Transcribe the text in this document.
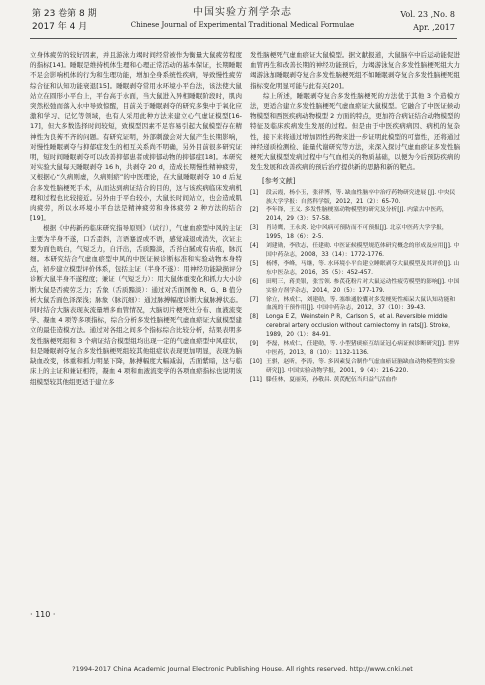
第 23 卷第 8 期
2017 年 4 月
中国实验方剂学杂志
Chinese Journal of Experimental Traditional Medical Formulae
Vol. 23 ,No. 8
Apr. ,2017

立身体疲劳的较好因素，并且游泳力竭时间经常被作为衡量大鼠疲劳程度的指标[14]。睡眠是维持机体生理和心理正常活动的基本保证，长期睡眠不足会影响机体的行为和生理功能，增加全身系统性疾病，导致慢性疲劳综合征和认知功能衰退[15]。睡眠剥夺常用水环境小平台法，该法使大鼠站立在圆形小平台上，平台高于水面，当大鼠进入异相睡眠阶段时，肌肉突然松弛而落入水中导致惊醒，目前关于睡眠剥夺的研究多集中于氧化应激和学习、记忆等领域，也有人采用此种方法来建立心气虚证模型[16-17]，但大多数选择时间较短，致模型因素不足容易引起大鼠模型存在精神性为良莠不齐的问题。有研究证明，外部刺激会对大鼠产生长期影响，对慢性睡眠剥夺与抑郁症发生的相互关系尚不明确，另外目前很多研究证明，短时间睡眠剥夺可以改善抑郁患者或抑郁动物的抑郁症[18]。本研究对实验大鼠每天睡眠剥夺 16 h，共剥夺 20 d，造成长期慢性精神疲劳，又根据心“久病则虚，久病则瘀”的中医理论，在大鼠睡眠剥夺 10 d 后复合多发性脑梗死手术，从而达到病证结合的目的，这与该疾病临床发病机理和过程也比较接近。另外由于平台较小，大鼠长时间站立，也会造成肌肉疲劳，所以水环境小平台法是精神疲劳和身体疲劳 2 种方法的结合[19]。

根据《中药新药临床研究指导原则》（试行），气虚血瘀型中风的主证主要为半身不遂，口舌歪斜，言语蹇涩或不语，感觉减退或消失，次证主要为面色晄白，气短乏力，自汗出，舌质黯淡，舌苔白腻或有齿痕，脉沉细。本研究结合气虚血瘀型中风的中医证候诊断标准和实验动物本身特点，初步建立模型评价体系，包括主证（半身不遂）：用神经功能缺损评分诊断大鼠半身不遂程度；兼证（气短乏力）：用大鼠体重变化和抓力大小诊断大鼠是否疲劳乏力；舌象（舌质黯淡）：通过对舌面图像 R、G、B 值分析大鼠舌面色泽深浅；脉象（脉沉细）：通过脉搏幅度诊断大鼠脉搏状态。同时结合大脑表现灰流量增多血管情况，大脑切片梗死灶分布、血液流变学、凝血 4 项等多项指标，综合分析多发性脑梗死气虚血瘀证大鼠模型建立的最佳造模方法。通过对各组之间多个指标综合比较分析，结果表明多发性脑梗死组和 3 个病证结合模型组均出现一定的气虚血瘀型中风症状，但是睡眠剥夺复合多发性脑梗死组较其他组症状表现更加明显，表现为脑缺血改变，体重和抓力明显下降，脉搏幅度大幅减弱，舌面紫暗，这与临床上的主证和兼证相符，凝血 4 项和血液流变学的各项血瘀指标也说明该组模型较其他组更适于建立多

发性脑梗死气虚血瘀证大鼠模型。据文献报道，大鼠脑卒中后运动能促进血管再生和改善长期的神经功能预后，力竭游泳复合多发性脑梗死组大力竭游泳加睡眠剥夺复合多发性脑梗死组不如睡眠剥夺复合多发性脑梗死组指标变化明显可能与此有关[20]。

综上所述，睡眠剥夺复合多发性脑梗死的方法优于其他 3 个造模方法，更适合建立多发性脑梗死气虚血瘀证大鼠模型。它融合了中医证候动物模型和西医疾病动物模型 2 方面的特点，更加符合病证结合动物模型的特征及临床疾病发生发展的过程。但是由于中医疾病病因、病机的复杂性，接下来将通过增加固性药物来进一步证明此模型的可靠性，还将通过神经递质检测检、能量代谢研究等方法，来深入探讨气虚血瘀证多发性脑梗死大鼠模型发病过程中与气血相关的物质基础，以便为今后预防疾病的发生发展和改善疾病的预后治疗提供新的思路和新的靶点。

[参考文献]
[1]	段云霞，杨小玉，张祥博，等. 缺血性脑卒中治疗药物研究进展 [J]. 中央民族大学学报：自然科学版，2012，21（2）：65-70.
[2]	李年锋，王义. 多发性脑梗塞动物模型的研究及分析[J]. 内蒙古中医药，2014，29（3）：57-58.
[3]	肖诗鹰，王永炎. 论中风病可预防而不可预报[J]. 北京中医药大学学报，1995，18（6）：2-5.
[4]	刘建勋，李欣志，任建勋. 中医证候模型规范体研究概念的形成及应用[J]. 中国中药杂志，2008，33（14）：1772-1776.
[5]	杨博，李峰，马继，等. 水环境小平台建立睡眠剥夺大鼠模型及其评价[J]. 山东中医杂志，2016，35（5）：452-457.
[6]	田明三，蒋美银，张雪领. 参芪花粉片对大鼠运动性疲劳模型的影响[J]. 中国实验方剂学杂志，2014，20（5）：177-179.
[7]	徐立，林成仁，刘建勋，等. 塞维通胶囊对多发梗死性痴呆大鼠认知功能和血流的干预作用[J]. 中国中药杂志，2012，37（10）：39-43.
[8]	Longa E Z，Weinstein P R，Carlson S，et al. Reversible middle cerebral artery occlusion without carniectomy in rats[J]. Stroke，1989，20（1）：84-91.
[9]	李磊，林成仁，任建勋，等. 小型猪痰瘀互结证冠心病证候诊断研究[J]. 世界中医药，2013，8（10）：1132-1136.
[10] 王骐，赵昕，李涛，等. 多因素复合制作气虚血瘀证脑缺血动物模型的实验研究[J]. 中国实验动物学报，2001，9（4）：216-220.
[11] 滕佳林，夏丽英，孙敬昌. 黄芪配伍当归益气活血作
· 110 ·
?1994-2017 China Academic Journal Electronic Publishing House. All rights reserved. http://www.cnki.net
